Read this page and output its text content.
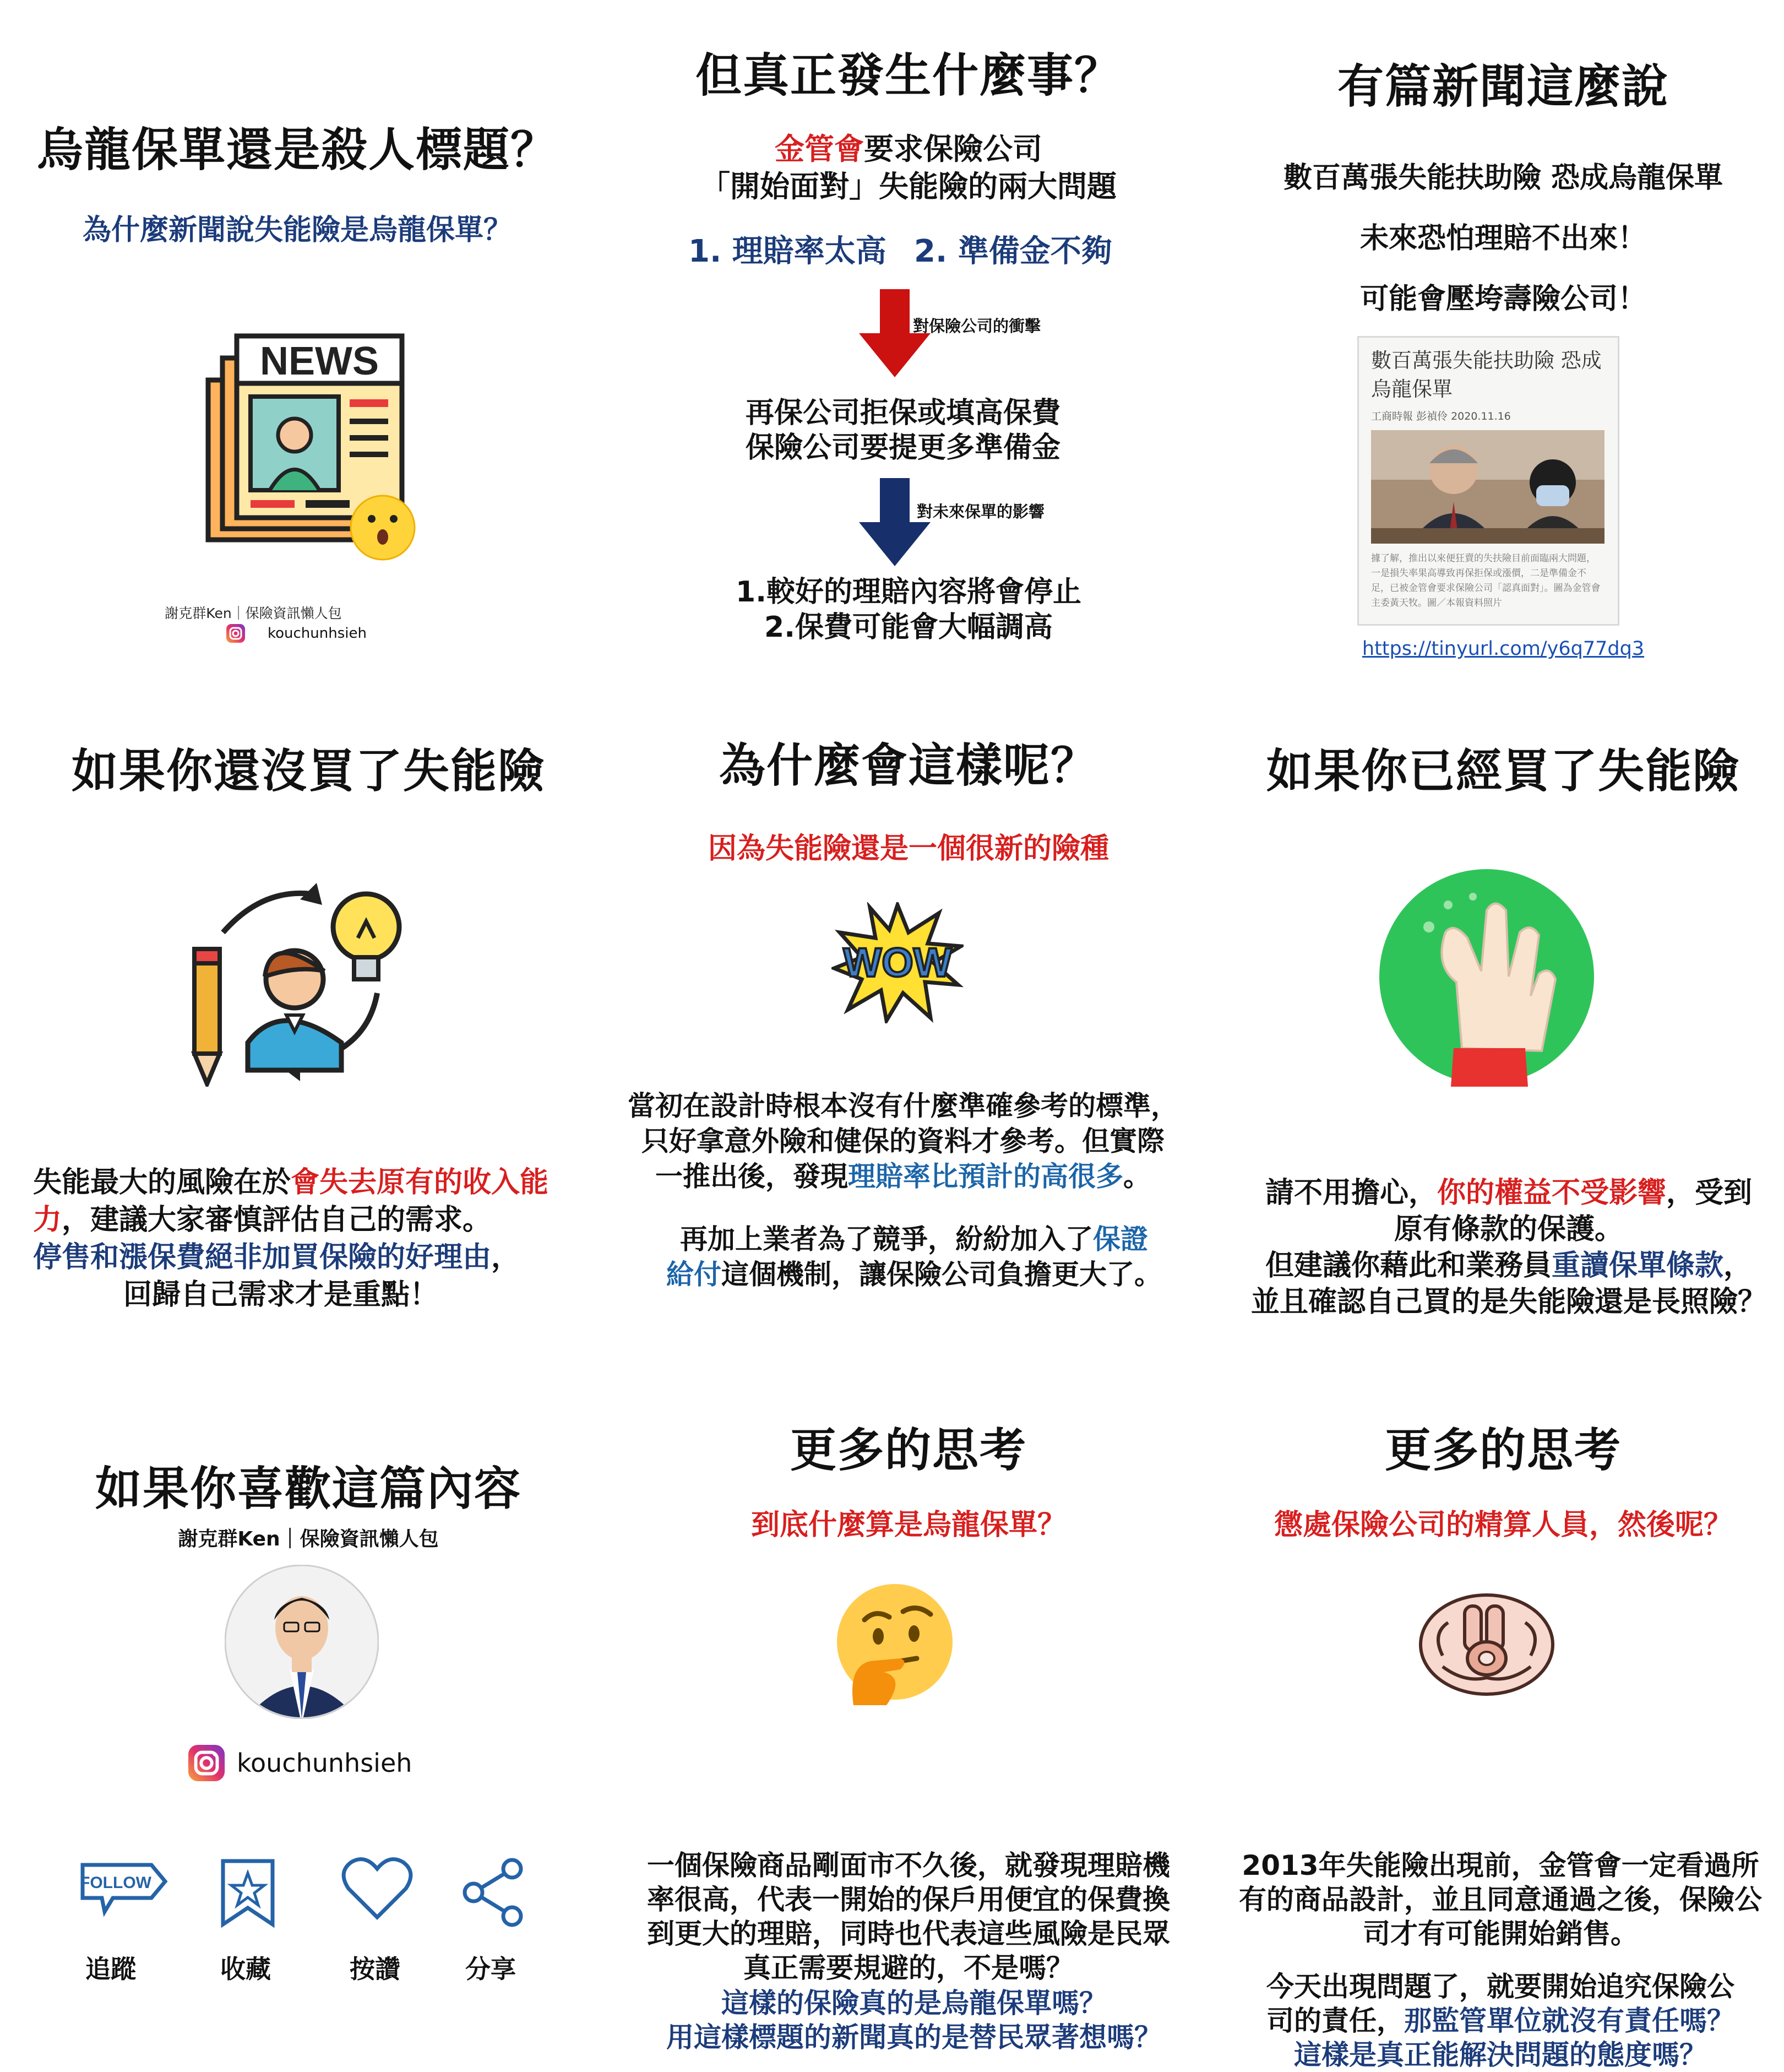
烏龍保單還是殺人標題？
為什麼新聞說失能險是烏龍保單？
NEWS
謝克群Ken｜保險資訊懶人包
kouchunhsieh
但真正發生什麼事？
金管會要求保險公司
「開始面對」失能險的兩大問題
1. 理賠率太高 2. 準備金不夠
對保險公司的衝擊
再保公司拒保或填高保費
保險公司要提更多準備金
對未來保單的影響
1.較好的理賠內容將會停止
2.保費可能會大幅調高
有篇新聞這麼說
數百萬張失能扶助險 恐成烏龍保單
未來恐怕理賠不出來！
可能會壓垮壽險公司！
數百萬張失能扶助險 恐成烏龍保單
工商時報 彭禎伶 2020.11.16
據了解，推出以來便狂賣的失扶險目前面臨兩大問題，一是損失率果高導致再保拒保或漲價，二是準備金不足，已被金管會要求保險公司「認真面對」。圖為金管會主委黃天牧。圖／本報資料照片
https://tinyurl.com/y6q77dq3
如果你還沒買了失能險
失能最大的風險在於會失去原有的收入能力，建議大家審慎評估自己的需求。
停售和漲保費絕非加買保險的好理由，

回歸自己需求才是重點！
為什麼會這樣呢？
因為失能險還是一個很新的險種
WOW
當初在設計時根本沒有什麼準確參考的標準，
只好拿意外險和健保的資料才參考。但實際
一推出後，發現理賠率比預計的高很多。
再加上業者為了競爭，紛紛加入了保證
給付這個機制，讓保險公司負擔更大了。
如果你已經買了失能險
請不用擔心，你的權益不受影響，受到
原有條款的保護。
但建議你藉此和業務員重讀保單條款，
並且確認自己買的是失能險還是長照險？
如果你喜歡這篇內容
謝克群Ken｜保險資訊懶人包
kouchunhsieh
FOLLOW
追蹤	收藏	按讚	分享
更多的思考
到底什麼算是烏龍保單？
一個保險商品剛面市不久後，就發現理賠機
率很高，代表一開始的保戶用便宜的保費換
到更大的理賠，同時也代表這些風險是民眾
真正需要規避的，不是嗎？
這樣的保險真的是烏龍保單嗎？
用這樣標題的新聞真的是替民眾著想嗎？
更多的思考
懲處保險公司的精算人員，然後呢？
2013年失能險出現前，金管會一定看過所
有的商品設計，並且同意通過之後，保險公
司才有可能開始銷售。
今天出現問題了，就要開始追究保險公
司的責任，那監管單位就沒有責任嗎？
這樣是真正能解決問題的態度嗎？
